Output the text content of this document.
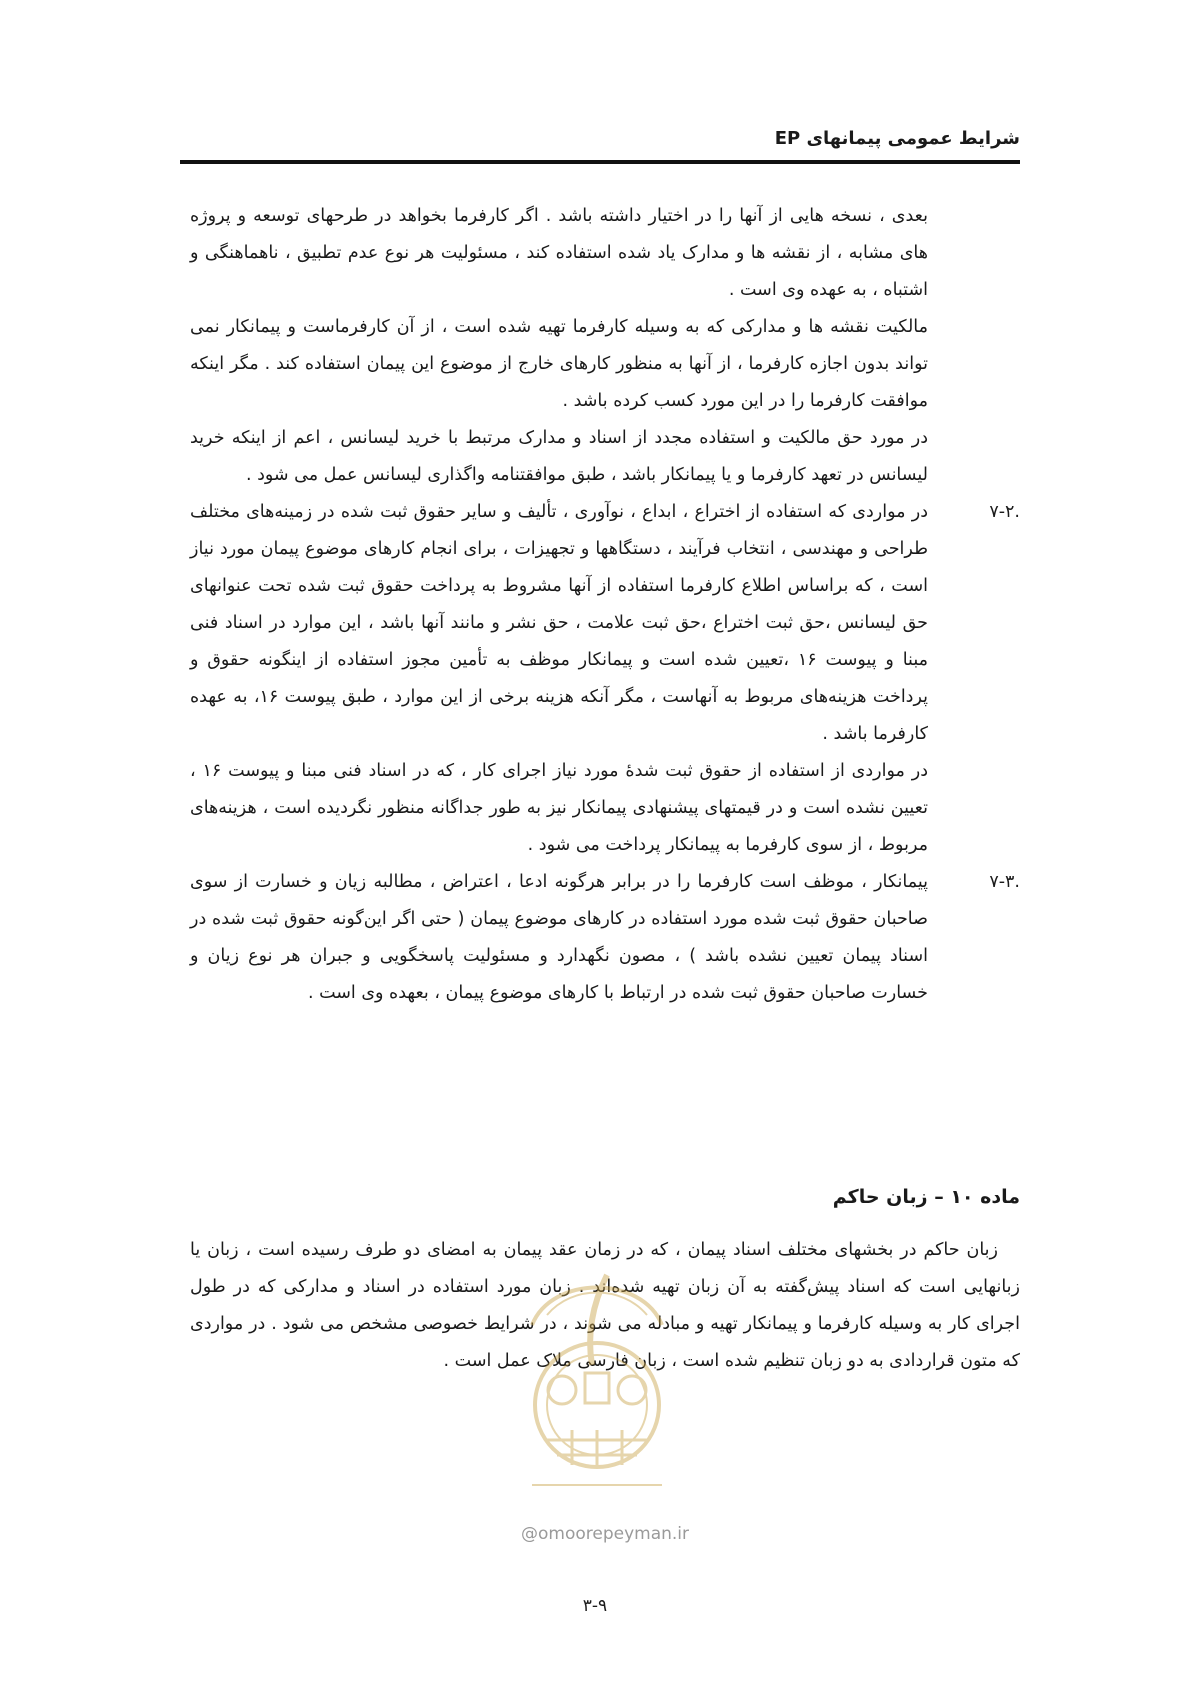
شرایط عمومی پیمانهای EP

بعدی ، نسخه هایی از آنها را در اختیار داشته باشد . اگر کارفرما بخواهد در طرحهای توسعه و پروژه های مشابه ، از نقشه ها و مدارک یاد شده استفاده کند ، مسئولیت هر نوع عدم تطبیق ، ناهماهنگی و اشتباه ، به عهده وی است .

مالکیت نقشه ها و مدارکی که به وسیله کارفرما تهیه شده است ، از آن کارفرماست و پیمانکار نمی تواند بدون اجازه کارفرما ، از آنها به منظور کارهای خارج از موضوع این پیمان استفاده کند . مگر اینکه موافقت کارفرما را در این مورد کسب کرده باشد .

در مورد حق مالکیت و استفاده مجدد از اسناد و مدارک مرتبط با خرید لیسانس ، اعم از اینکه خرید لیسانس در تعهد کارفرما و یا پیمانکار باشد ، طبق موافقتنامه واگذاری لیسانس عمل می شود .

۷-۲.

در مواردی که استفاده از اختراع ، ابداع ، نوآوری ، تألیف و سایر حقوق ثبت شده در زمینه‌های مختلف طراحی و مهندسی ، انتخاب فرآیند ، دستگاهها و تجهیزات ، برای انجام کارهای موضوع پیمان مورد نیاز است ، که براساس اطلاع کارفرما استفاده از آنها مشروط به پرداخت حقوق ثبت شده تحت عنوانهای حق لیسانس ،حق ثبت اختراع ،حق ثبت علامت ، حق نشر و مانند آنها باشد ، این موارد در اسناد فنی مبنا و پیوست ۱۶ ،تعیین شده است و پیمانکار موظف به تأمین مجوز استفاده از اینگونه حقوق و پرداخت هزینه‌های مربوط به آنهاست ، مگر آنکه هزینه برخی از این موارد ، طبق پیوست ۱۶، به عهده کارفرما باشد .

در مواردی از استفاده از حقوق ثبت شدهٔ مورد نیاز اجرای کار ، که در اسناد فنی مبنا و پیوست ۱۶ ، تعیین نشده است و در قیمتهای پیشنهادی پیمانکار نیز به طور جداگانه منظور نگردیده است ، هزینه‌های مربوط ، از سوی کارفرما به پیمانکار پرداخت می شود .

۷-۳.

پیمانکار ، موظف است کارفرما را در برابر هرگونه ادعا ، اعتراض ، مطالبه زیان و خسارت از سوی صاحبان حقوق ثبت شده مورد استفاده در کارهای موضوع پیمان ( حتی اگر این‌گونه حقوق ثبت شده در اسناد پیمان تعیین نشده باشد ) ، مصون نگهدارد و مسئولیت پاسخگویی و جبران هر نوع زیان و خسارت صاحبان حقوق ثبت شده در ارتباط با کارهای موضوع پیمان ، بعهده وی است .

ماده ۱۰ – زبان حاکم

زبان حاکم در بخشهای مختلف اسناد پیمان ، که در زمان عقد پیمان به امضای دو طرف رسیده است ، زبان یا زبانهایی است که اسناد پیش‌گفته به آن زبان تهیه شده‌اند . زبان مورد استفاده در اسناد و مدارکی که در طول اجرای کار به وسیله کارفرما و پیمانکار تهیه و مبادله می شوند ، در شرایط خصوصی مشخص می شود . در مواردی که متون قراردادی به دو زبان تنظیم شده است ، زبان فارسی ملاک عمل است .

@omoorepeyman.ir
۳-۹
